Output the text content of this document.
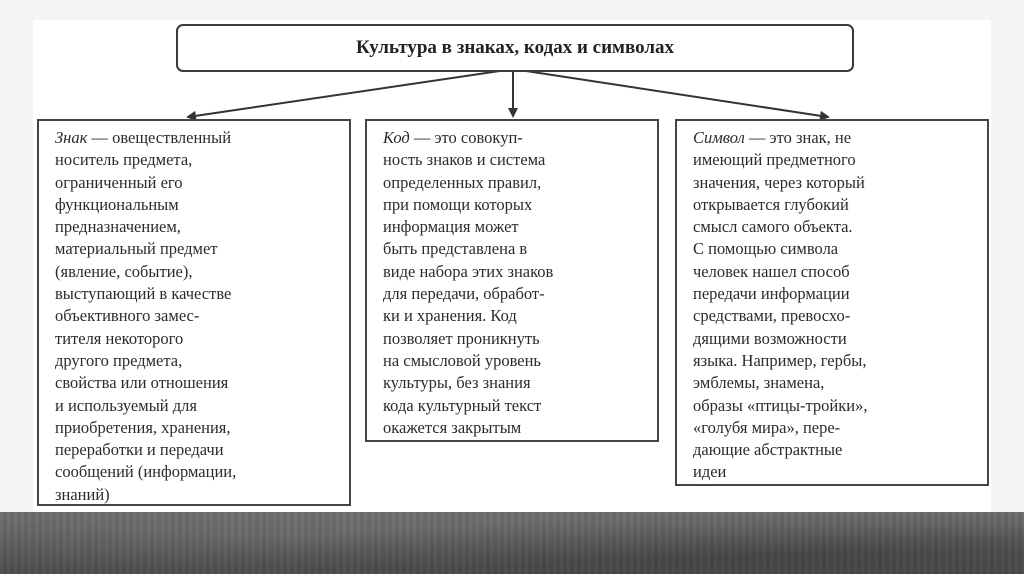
Культура в знаках, кодах и символах
Знак — овеществленный
носитель предмета,
ограниченный его
функциональным
предназначением,
материальный предмет
(явление, событие),
выступающий в качестве
объективного замес-
тителя некоторого
другого предмета,
свойства или отношения
и используемый для
приобретения, хранения,
переработки и передачи
сообщений (информации,
знаний)
Код — это совокуп-
ность знаков и система
определенных правил,
при помощи которых
информация может
быть представлена в
виде набора этих знаков
для передачи, обработ-
ки и хранения. Код
позволяет проникнуть
на смысловой уровень
культуры, без знания
кода культурный текст
окажется закрытым
Символ — это знак, не
имеющий предметного
значения, через который
открывается глубокий
смысл самого объекта.
С помощью символа
человек нашел способ
передачи информации
средствами, превосхо-
дящими возможности
языка. Например, гербы,
эмблемы, знамена,
образы «птицы-тройки»,
«голубя мира», пере-
дающие абстрактные
идеи
